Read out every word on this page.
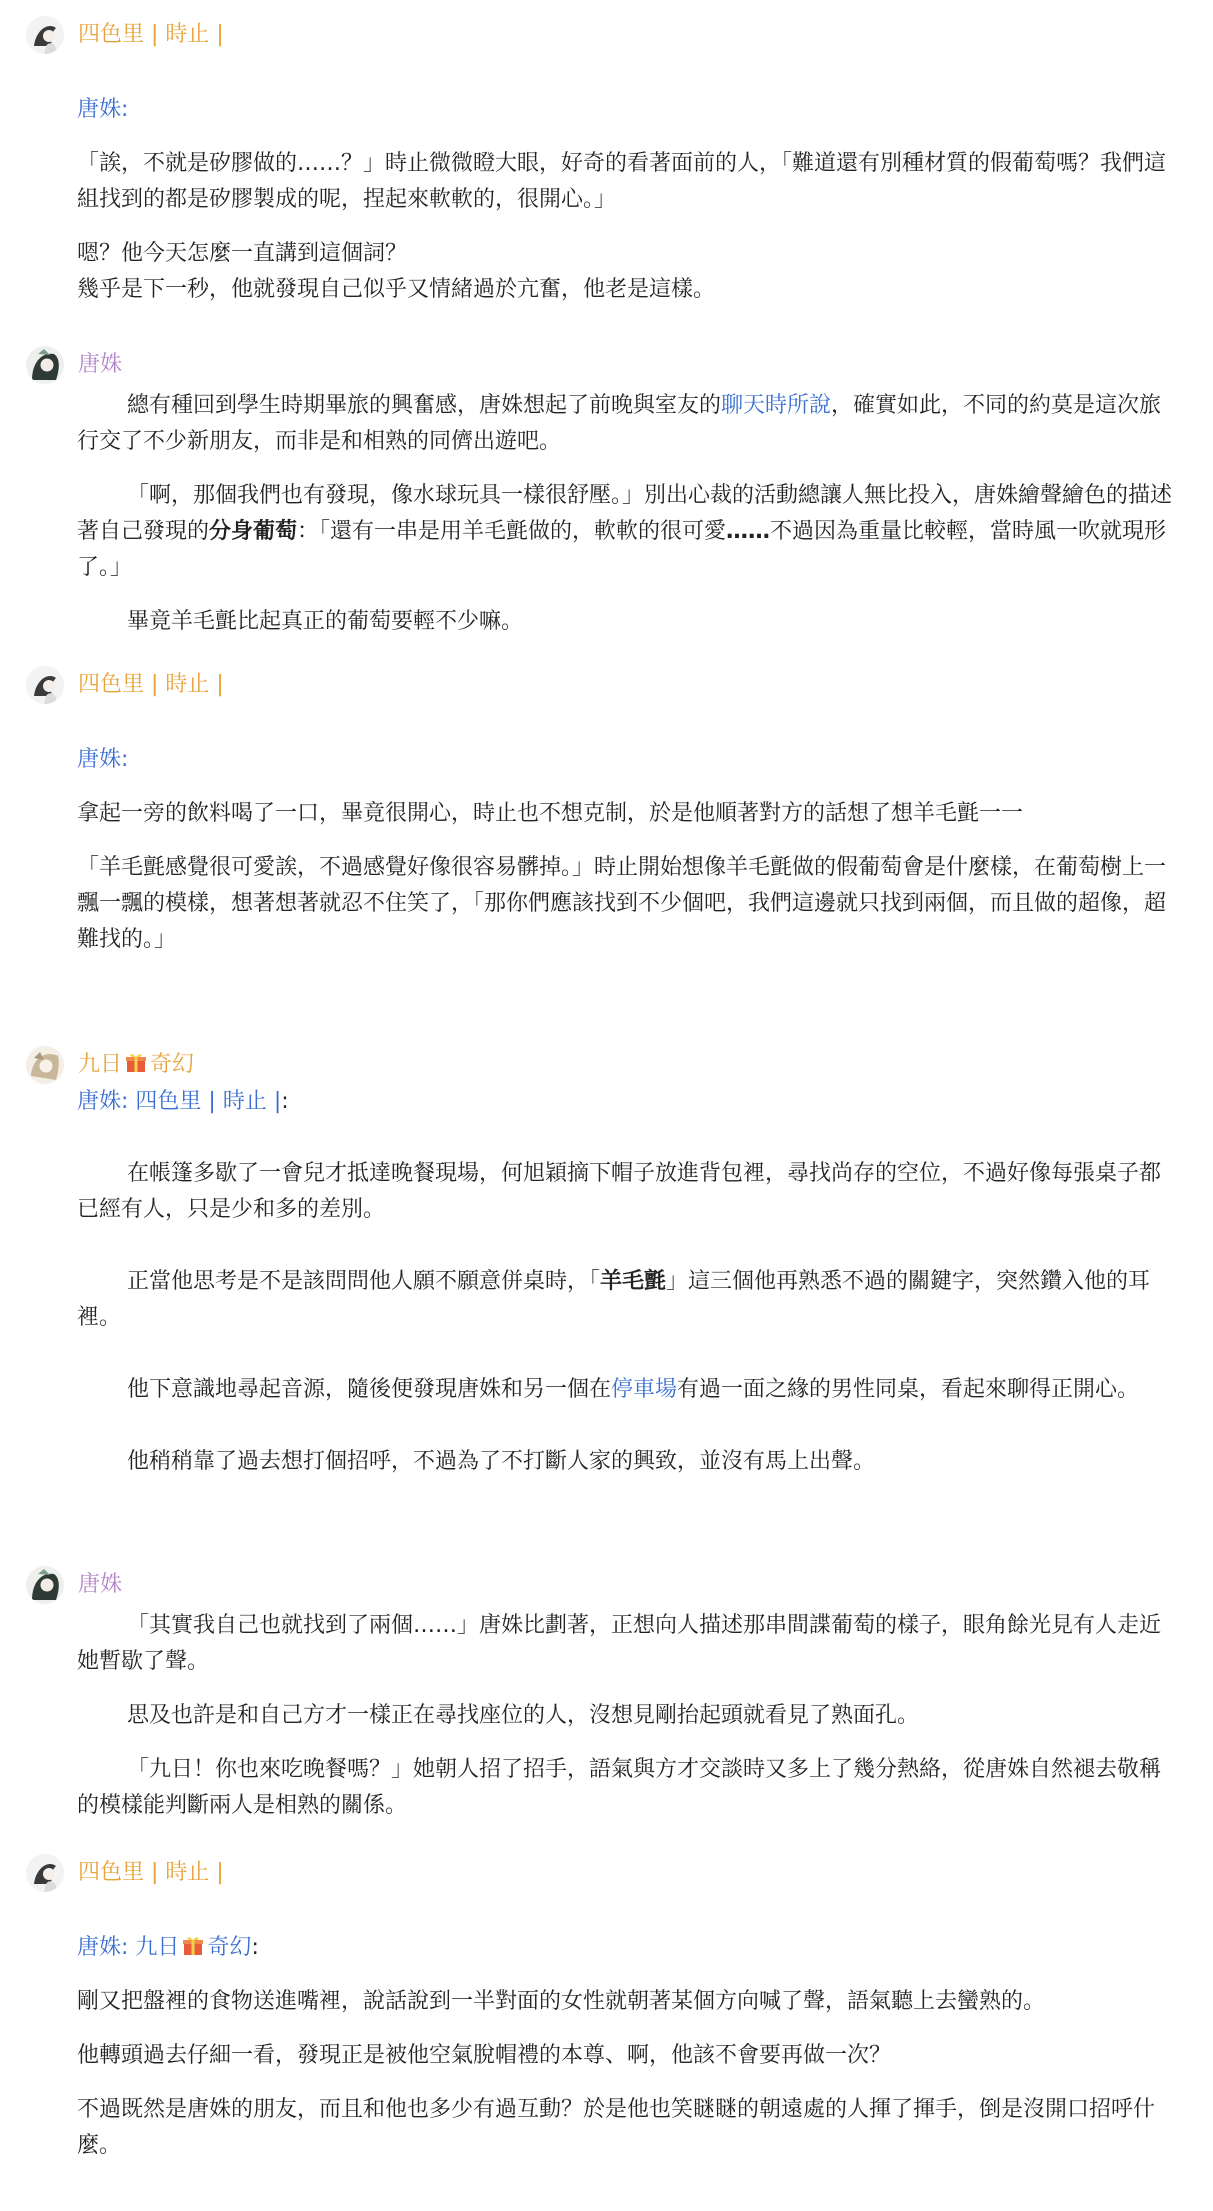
四色里 | 時止 |

唐姝:

「誒，不就是矽膠做的……？」時止微微瞪大眼，好奇的看著面前的人，「難道還有別種材質的假葡萄嗎？我們這組找到的都是矽膠製成的呢，捏起來軟軟的，很開心。」

嗯？他今天怎麼一直講到這個詞？

幾乎是下一秒，他就發現自己似乎又情緒過於亢奮，他老是這樣。

唐姝

總有種回到學生時期畢旅的興奮感，唐姝想起了前晚與室友的聊天時所說，確實如此，不同的約莫是這次旅行交了不少新朋友，而非是和相熟的同儕出遊吧。

「啊，那個我們也有發現，像水球玩具一樣很舒壓。」別出心裁的活動總讓人無比投入，唐姝繪聲繪色的描述著自己發現的分身葡萄：「還有一串是用羊毛氈做的，軟軟的很可愛……不過因為重量比較輕，當時風一吹就現形了。」

畢竟羊毛氈比起真正的葡萄要輕不少嘛。

四色里 | 時止 |

唐姝:

拿起一旁的飲料喝了一口，畢竟很開心，時止也不想克制，於是他順著對方的話想了想羊毛氈一一

「羊毛氈感覺很可愛誒，不過感覺好像很容易髒掉。」時止開始想像羊毛氈做的假葡萄會是什麼樣，在葡萄樹上一飄一飄的模樣，想著想著就忍不住笑了，「那你們應該找到不少個吧，我們這邊就只找到兩個，而且做的超像，超難找的。」

九日 奇幻

唐姝: 四色里 | 時止 |:

在帳篷多歇了一會兒才抵達晚餐現場，何旭穎摘下帽子放進背包裡，尋找尚存的空位，不過好像每張桌子都已經有人，只是少和多的差別。

正當他思考是不是該問問他人願不願意併桌時，「羊毛氈」這三個他再熟悉不過的關鍵字，突然鑽入他的耳裡。

他下意識地尋起音源，隨後便發現唐姝和另一個在停車場有過一面之緣的男性同桌，看起來聊得正開心。

他稍稍靠了過去想打個招呼，不過為了不打斷人家的興致，並沒有馬上出聲。

唐姝

「其實我自己也就找到了兩個……」唐姝比劃著，正想向人描述那串間諜葡萄的樣子，眼角餘光見有人走近她暫歇了聲。

思及也許是和自己方才一樣正在尋找座位的人，沒想見剛抬起頭就看見了熟面孔。

「九日！你也來吃晚餐嗎？」她朝人招了招手，語氣與方才交談時又多上了幾分熱絡，從唐姝自然褪去敬稱的模樣能判斷兩人是相熟的關係。

四色里 | 時止 |

唐姝: 九日 奇幻:

剛又把盤裡的食物送進嘴裡，說話說到一半對面的女性就朝著某個方向喊了聲，語氣聽上去蠻熟的。

他轉頭過去仔細一看，發現正是被他空氣脫帽禮的本尊、啊，他該不會要再做一次？

不過既然是唐姝的朋友，而且和他也多少有過互動？於是他也笑瞇瞇的朝遠處的人揮了揮手，倒是沒開口招呼什麼。
